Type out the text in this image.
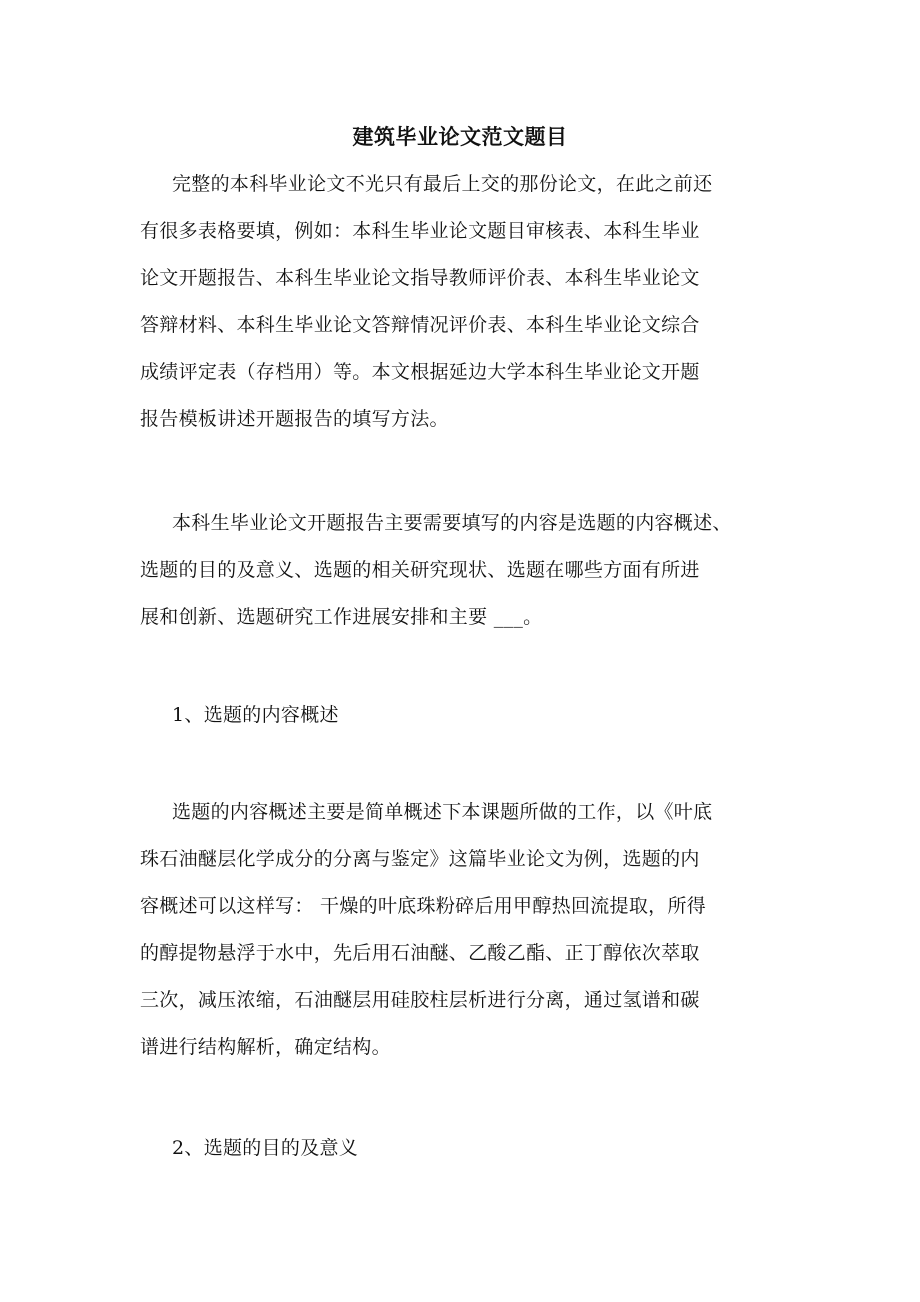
建筑毕业论文范文题目
完整的本科毕业论文不光只有最后上交的那份论文，在此之前还
有很多表格要填，例如：本科生毕业论文题目审核表、本科生毕业
论文开题报告、本科生毕业论文指导教师评价表、本科生毕业论文
答辩材料、本科生毕业论文答辩情况评价表、本科生毕业论文综合
成绩评定表（存档用）等。本文根据延边大学本科生毕业论文开题
报告模板讲述开题报告的填写方法。
本科生毕业论文开题报告主要需要填写的内容是选题的内容概述、
选题的目的及意义、选题的相关研究现状、选题在哪些方面有所进
展和创新、选题研究工作进展安排和主要 ___。
1、选题的内容概述
选题的内容概述主要是简单概述下本课题所做的工作，以《叶底
珠石油醚层化学成分的分离与鉴定》这篇毕业论文为例，选题的内
容概述可以这样写： 干燥的叶底珠粉碎后用甲醇热回流提取，所得
的醇提物悬浮于水中，先后用石油醚、乙酸乙酯、正丁醇依次萃取
三次，减压浓缩，石油醚层用硅胶柱层析进行分离，通过氢谱和碳
谱进行结构解析，确定结构。
2、选题的目的及意义
